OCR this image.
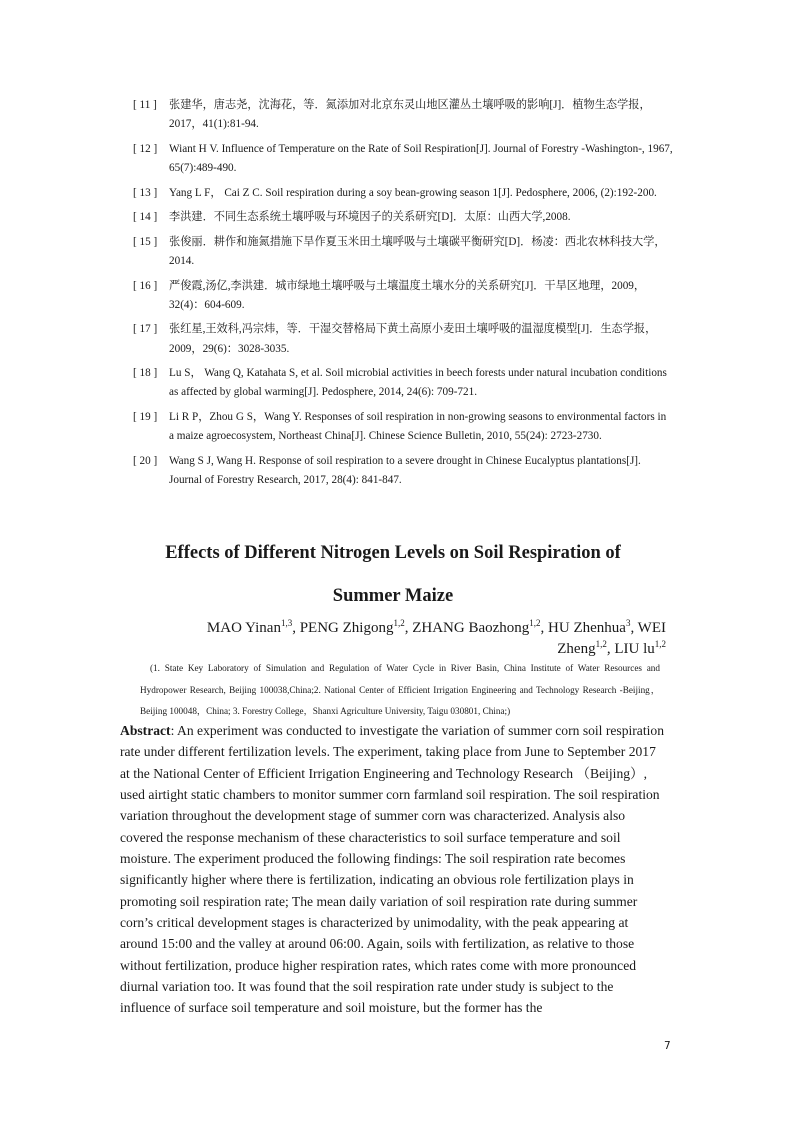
[ 11 ]	张建华，唐志尧，沈海花，等．氮添加对北京东灵山地区灌丛土壤呼吸的影响[J]．植物生态学报，2017，41(1):81-94.
[ 12 ]	Wiant H V. Influence of Temperature on the Rate of Soil Respiration[J]. Journal of Forestry -Washington-, 1967, 65(7):489-490.
[ 13 ]	Yang L F， Cai Z C. Soil respiration during a soy bean-growing season 1[J]. Pedosphere, 2006, (2):192-200.
[ 14 ]	李洪建．不同生态系统土壤呼吸与环境因子的关系研究[D]．太原：山西大学,2008.
[ 15 ]	张俊丽．耕作和施氮措施下旱作夏玉米田土壤呼吸与土壤碳平衡研究[D]．杨凌：西北农林科技大学，2014.
[ 16 ]	严俊霞,汤亿,李洪建．城市绿地土壤呼吸与土壤温度土壤水分的关系研究[J]．干旱区地理，2009，32(4)：604-609.
[ 17 ]	张红星,王效科,冯宗炜，等．干湿交替格局下黄土高原小麦田土壤呼吸的温湿度模型[J]．生态学报，2009，29(6)：3028-3035.
[ 18 ]	Lu S， Wang Q, Katahata S, et al. Soil microbial activities in beech forests under natural incubation conditions as affected by global warming[J]. Pedosphere, 2014, 24(6): 709-721.
[ 19 ]	Li R P，Zhou G S，Wang Y. Responses of soil respiration in non-growing seasons to environmental factors in a maize agroecosystem, Northeast China[J]. Chinese Science Bulletin, 2010, 55(24): 2723-2730.
[ 20 ]	Wang S J, Wang H. Response of soil respiration to a severe drought in Chinese Eucalyptus plantations[J]. Journal of Forestry Research, 2017, 28(4): 841-847.
Effects of Different Nitrogen Levels on Soil Respiration of
Summer Maize
MAO Yinan$^{1,3}$, PENG Zhigong$^{1,2}$, ZHANG Baozhong$^{1,2}$, HU Zhenhua$^3$, WEI Zheng$^{1,2}$, LIU lu$^{1,2}$
(1. State Key Laboratory of Simulation and Regulation of Water Cycle in River Basin, China Institute of Water Resources and Hydropower Research, Beijing 100038,China;2. National Center of Efficient Irrigation Engineering and Technology Research -Beijing，Beijing 100048，China; 3. Forestry College，Shanxi Agriculture University, Taigu 030801, China;)
Abstract: An experiment was conducted to investigate the variation of summer corn soil respiration rate under different fertilization levels. The experiment, taking place from June to September 2017 at the National Center of Efficient Irrigation Engineering and Technology Research （Beijing）, used airtight static chambers to monitor summer corn farmland soil respiration. The soil respiration variation throughout the development stage of summer corn was characterized. Analysis also covered the response mechanism of these characteristics to soil surface temperature and soil moisture. The experiment produced the following findings: The soil respiration rate becomes significantly higher where there is fertilization, indicating an obvious role fertilization plays in promoting soil respiration rate; The mean daily variation of soil respiration rate during summer corn’s critical development stages is characterized by unimodality, with the peak appearing at around 15:00 and the valley at around 06:00. Again, soils with fertilization, as relative to those without fertilization, produce higher respiration rates, which rates come with more pronounced diurnal variation too. It was found that the soil respiration rate under study is subject to the influence of surface soil temperature and soil moisture, but the former has the
7
